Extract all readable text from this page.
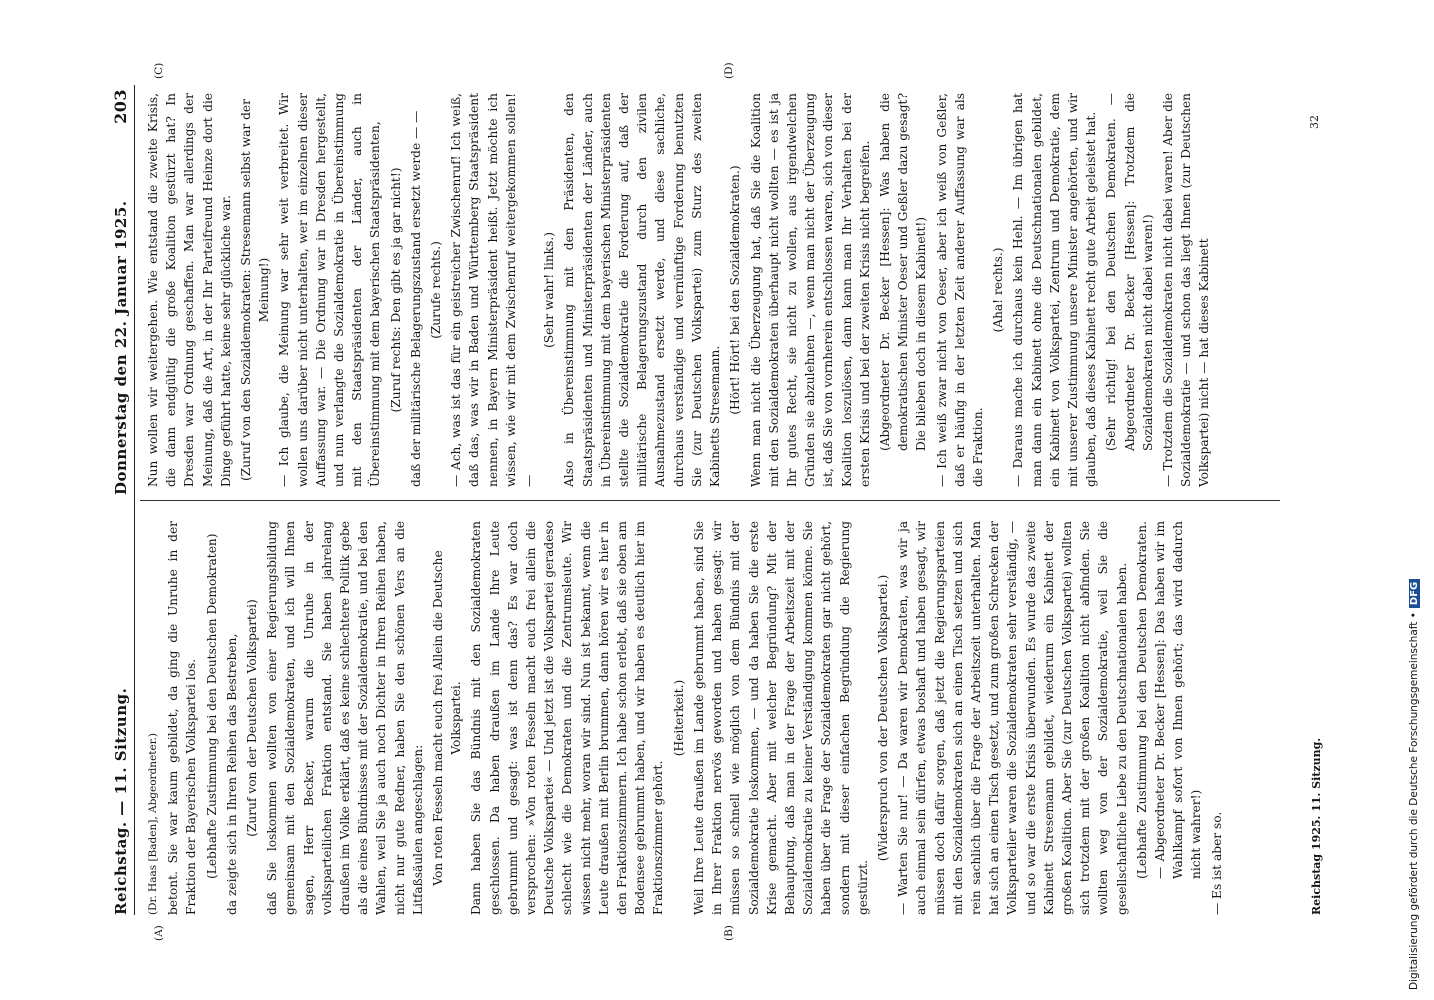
Reichstag. — 11. Sitzung.
Donnerstag den 22. Januar 1925.
203
(A)	(B)
(C)	(D)

(Dr. Haas [Baden], Abgeordneter.) betont. Sie war kaum gebildet, da ging die Unruhe in der Fraktion der Bayerischen Volkspartei los. (Lebhafte Zustimmung bei den Deutschen Demokraten) da zeigte sich in Ihren Reihen das Bestreben, (Zuruf von der Deutschen Volkspartei) daß Sie loskommen wollten von einer Regierungsbildung gemeinsam mit den Sozialdemokraten, und ich will Ihnen sagen, Herr Becker, warum die Unruhe in der volksparteilichen Fraktion entstand. Sie haben jahrelang draußen im Volke erklärt, daß es keine schlechtere Politik gebe als die eines Bündnisses mit der Sozialdemokratie, und bei den Wahlen, weil Sie ja auch noch Dichter in Ihren Reihen haben, nicht nur gute Redner, haben Sie den schönen Vers an die Litfaßsäulen angeschlagen: Von roten Fesseln macht euch frei Allein die Deutsche Volkspartei. Dann haben Sie das Bündnis mit den Sozialdemokraten geschlossen. Da haben draußen im Lande Ihre Leute gebrummt und gesagt: was ist denn das? Es war doch versprochen: »Von roten Fesseln macht euch frei allein die Deutsche Volkspartei« — Und jetzt ist die Volkspartei geradeso schlecht wie die Demokraten und die Zentrumsleute. Wir wissen nicht mehr, woran wir sind. Nun ist bekannt, wenn die Leute draußen mit Berlin brummen, dann hören wir es hier in den Fraktionszimmern. Ich habe schon erlebt, daß sie oben am Bodensee gebrummt haben, und wir haben es deutlich hier im Fraktionszimmer gehört.

(Heiterkeit.) Weil Ihre Leute draußen im Lande gebrummt haben, sind Sie in Ihrer Fraktion nervös geworden und haben gesagt: wir müssen so schnell wie möglich von dem Bündnis mit der Sozialdemokratie loskommen, — und da haben Sie die erste Krise gemacht. Aber mit welcher Begründung? Mit der Behauptung, daß man in der Frage der Arbeitszeit mit der Sozialdemokratie zu keiner Verständigung kommen könne. Sie haben über die Frage der Sozialdemokraten gar nicht gehört, sondern mit dieser einfachen Begründung die Regierung gestürzt.

(Widerspruch von der Deutschen Volkspartei.) — Warten Sie nur! — Da waren wir Demokraten, was wir ja auch einmal sein dürfen, etwas boshaft und haben gesagt, wir müssen doch dafür sorgen, daß jetzt die Regierungsparteien mit den Sozialdemokraten sich an einen Tisch setzen und sich rein sachlich über die Frage der Arbeitszeit unterhalten. Man hat sich an einen Tisch gesetzt, und zum großen Schrecken der Volksparteiler waren die Sozialdemokraten sehr verständig, — und so war die erste Krisis überwunden. Es wurde das zweite Kabinett Stresemann gebildet, wiederum ein Kabinett der großen Koalition. Aber Sie (zur Deutschen Volkspartei) wollten sich trotzdem mit der großen Koalition nicht abfinden. Sie wollten weg von der Sozialdemokratie, weil Sie die gesellschaftliche Liebe zu den Deutschnationalen haben. (Lebhafte Zustimmung bei den Deutschen Demokraten. — Abgeordneter Dr. Becker [Hessen]: Das haben wir im Wahlkampf sofort von Ihnen gehört; das wird dadurch nicht wahrer!) — Es ist aber so.

Nun wollen wir weitergehen. Wie entstand die zweite Krisis, die dann endgültig die große Koalition gestürzt hat? In Dresden war Ordnung geschaffen. Man war allerdings der Meinung, daß die Art, in der Ihr Parteifreund Heinze dort die Dinge geführt hatte, keine sehr glückliche war. (Zuruf von den Sozialdemokraten: Stresemann selbst war der Meinung!) — Ich glaube, die Meinung war sehr weit verbreitet. Wir wollen uns darüber nicht unterhalten, wer im einzelnen dieser Auffassung war. — Die Ordnung war in Dresden hergestellt, und nun verlangte die Sozialdemokratie in Übereinstimmung mit den Staatspräsidenten der Länder, auch in Übereinstimmung mit dem bayerischen Staatspräsidenten, (Zuruf rechts: Den gibt es ja gar nicht!) daß der militärische Belagerungszustand ersetzt werde — — (Zurufe rechts.) — Ach, was ist das für ein geistreicher Zwischenruf! Ich weiß, daß das, was wir in Baden und Württemberg Staatspräsident nennen, in Bayern Ministerpräsident heißt. Jetzt möchte ich wissen, wie wir mit dem Zwischenruf weitergekommen sollen! —

(Sehr wahr! links.) Also in Übereinstimmung mit den Präsidenten, den Staatspräsidenten und Ministerpräsidenten der Länder, auch in Übereinstimmung mit dem bayerischen Ministerpräsidenten stellte die Sozialdemokratie die Forderung auf, daß der militärische Belagerungszustand durch den zivilen Ausnahmezustand ersetzt werde, und diese sachliche, durchaus verständige und vernünftige Forderung benutzten Sie (zur Deutschen Volkspartei) zum Sturz des zweiten Kabinetts Stresemann.

(Hört! Hört! bei den Sozialdemokraten.) Wenn man nicht die Überzeugung hat, daß Sie die Koalition mit den Sozialdemokraten überhaupt nicht wollten — es ist ja Ihr gutes Recht, sie nicht zu wollen, aus irgendwelchen Gründen sie abzulehnen —, wenn man nicht der Überzeugung ist, daß Sie von vornherein entschlossen waren, sich von dieser Koalition loszulösen, dann kann man Ihr Verhalten bei der ersten Krisis und bei der zweiten Krisis nicht begreifen. (Abgeordneter Dr. Becker [Hessen]: Was haben die demokratischen Minister Oeser und Geßler dazu gesagt? Die blieben doch in diesem Kabinett!) — Ich weiß zwar nicht von Oeser, aber ich weiß von Geßler, daß er häufig in der letzten Zeit anderer Auffassung war als die Fraktion.

(Aha! rechts.) — Daraus mache ich durchaus kein Hehl. — Im übrigen hat man dann ein Kabinett ohne die Deutschnationalen gebildet, ein Kabinett von Volkspartei, Zentrum und Demokratie, dem mit unserer Zustimmung unsere Minister angehörten, und wir glauben, daß dieses Kabinett recht gute Arbeit geleistet hat. (Sehr richtig! bei den Deutschen Demokraten. — Abgeordneter Dr. Becker [Hessen]: Trotzdem die Sozialdemokraten nicht dabei waren!) — Trotzdem die Sozialdemokraten nicht dabei waren! Aber die Sozialdemokratie — und schon das liegt Ihnen (zur Deutschen Volkspartei) nicht — hat dieses Kabinett

Reichstag 1925. 11. Sitzung.
32
Digitalisierung gefördert durch die Deutsche Forschungsgemeinschaft •DFG
